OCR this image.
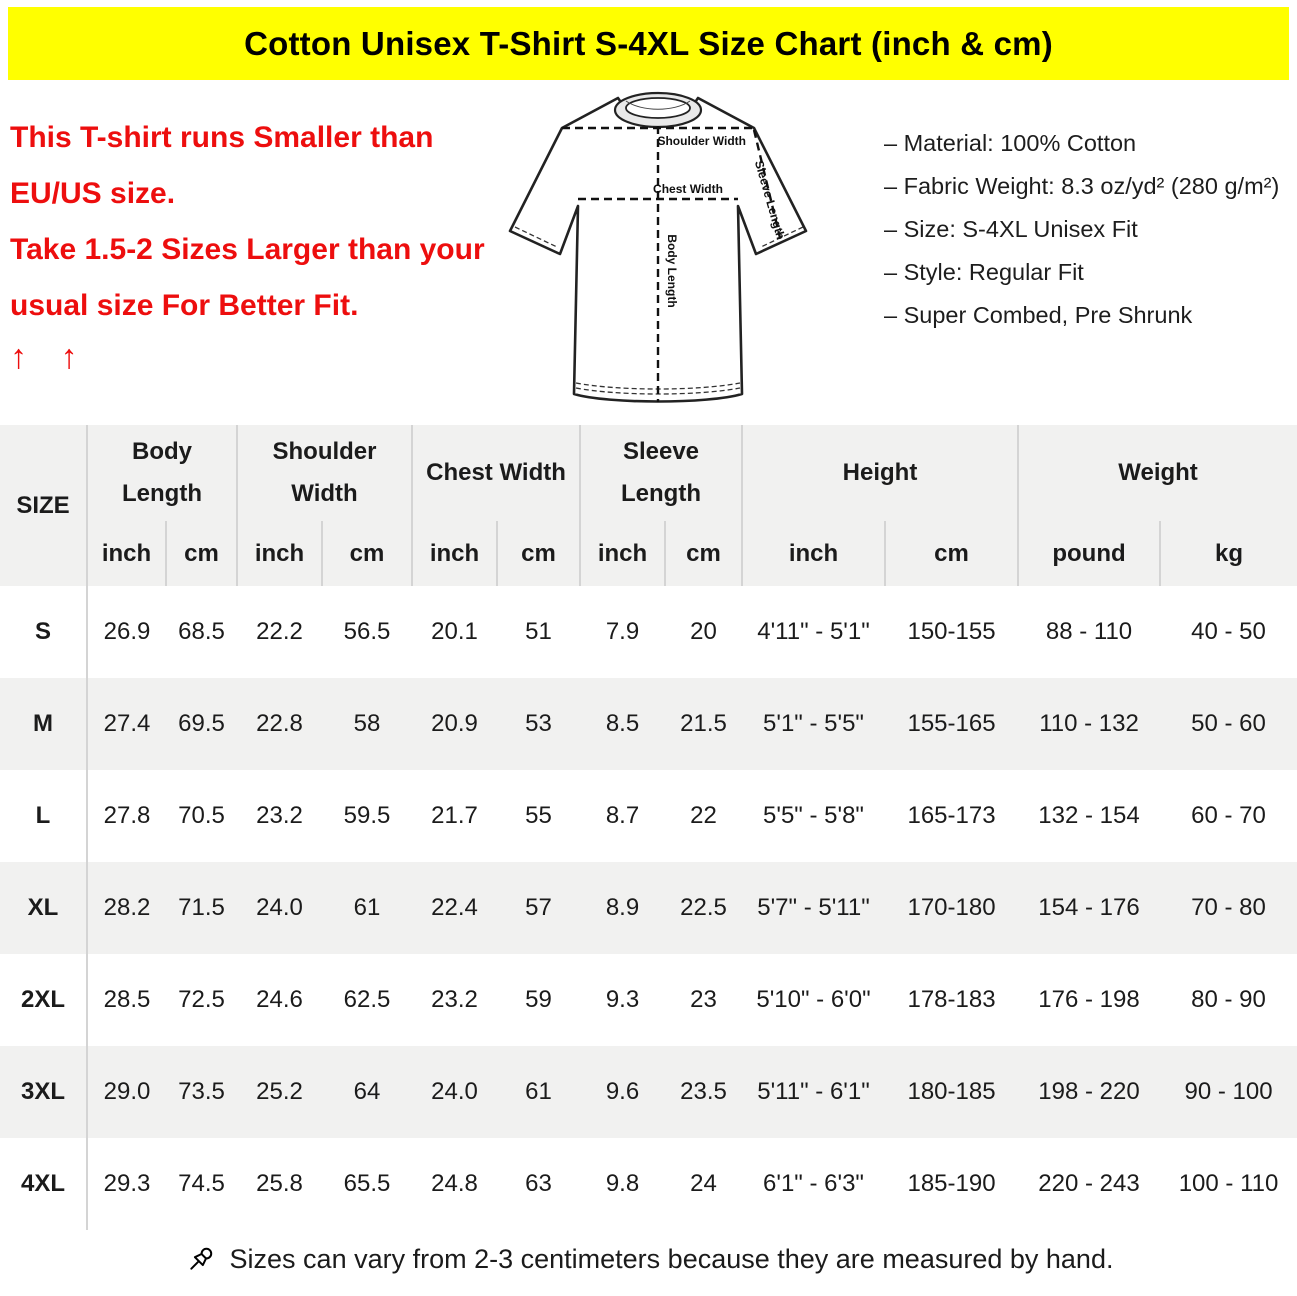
Cotton Unisex T-Shirt S-4XL Size Chart (inch & cm)

This T-shirt runs Smaller than EU/US size.

Take 1.5-2 Sizes Larger than your usual size For Better Fit.

↑ ↑

Shoulder Width
Chest Width
Body Length
Sleeve Length
– Material: 100% Cotton
– Fabric Weight: 8.3 oz/yd² (280 g/m²)
– Size: S-4XL Unisex Fit
– Style: Regular Fit
– Super Combed, Pre Shrunk
SIZE	Body Length		Shoulder Width		Chest Width		Sleeve Length		Height		Weight	
	inch	cm	inch	cm	inch	cm	inch	cm	inch	cm	pound	kg
S	26.9	68.5	22.2	56.5	20.1	51	7.9	20	4'11" - 5'1"	150-155	88 - 110	40 - 50
M	27.4	69.5	22.8	58	20.9	53	8.5	21.5	5'1" - 5'5"	155-165	110 - 132	50 - 60
L	27.8	70.5	23.2	59.5	21.7	55	8.7	22	5'5" - 5'8"	165-173	132 - 154	60 - 70
XL	28.2	71.5	24.0	61	22.4	57	8.9	22.5	5'7" - 5'11"	170-180	154 - 176	70 - 80
2XL	28.5	72.5	24.6	62.5	23.2	59	9.3	23	5'10" - 6'0"	178-183	176 - 198	80 - 90
3XL	29.0	73.5	25.2	64	24.0	61	9.6	23.5	5'11" - 6'1"	180-185	198 - 220	90 - 100
4XL	29.3	74.5	25.8	65.5	24.8	63	9.8	24	6'1" - 6'3"	185-190	220 - 243	100 - 110
Sizes can vary from 2-3 centimeters because they are measured by hand.
